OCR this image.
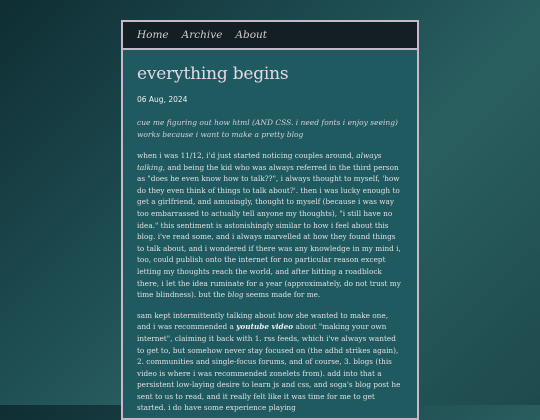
Home Archive About
everything begins
06 Aug, 2024
cue me figuring out how html (AND CSS. i need fonts i enjoy seeing) works because i want to make a pretty blog

when i was 11/12, i'd just started noticing couples around, always talking, and being the kid who was always referred in the third person as "does he even know how to talk??", i always thought to myself, 'how do they even think of things to talk about?'. then i was lucky enough to get a girlfriend, and amusingly, thought to myself (because i was way too embarrassed to actually tell anyone my thoughts), "i still have no idea." this sentiment is astonishingly similar to how i feel about this blog. i've read some, and i always marvelled at how they found things to talk about, and i wondered if there was any knowledge in my mind i, too, could publish onto the internet for no particular reason except letting my thoughts reach the world, and after hitting a roadblock there, i let the idea ruminate for a year (approximately, do not trust my time blindness). but the blog seems made for me.

sam kept intermittently talking about how she wanted to make one, and i was recommended a youtube video about "making your own internet", claiming it back with 1. rss feeds, which i've always wanted to get to, but somehow never stay focused on (the adhd strikes again), 2. communities and single-focus forums, and of course, 3. blogs (this video is where i was recommended zonelets from). add into that a persistent low-laying desire to learn js and css, and soga's blog post he sent to us to read, and it really felt like it was time for me to get started. i do have some experience playing
